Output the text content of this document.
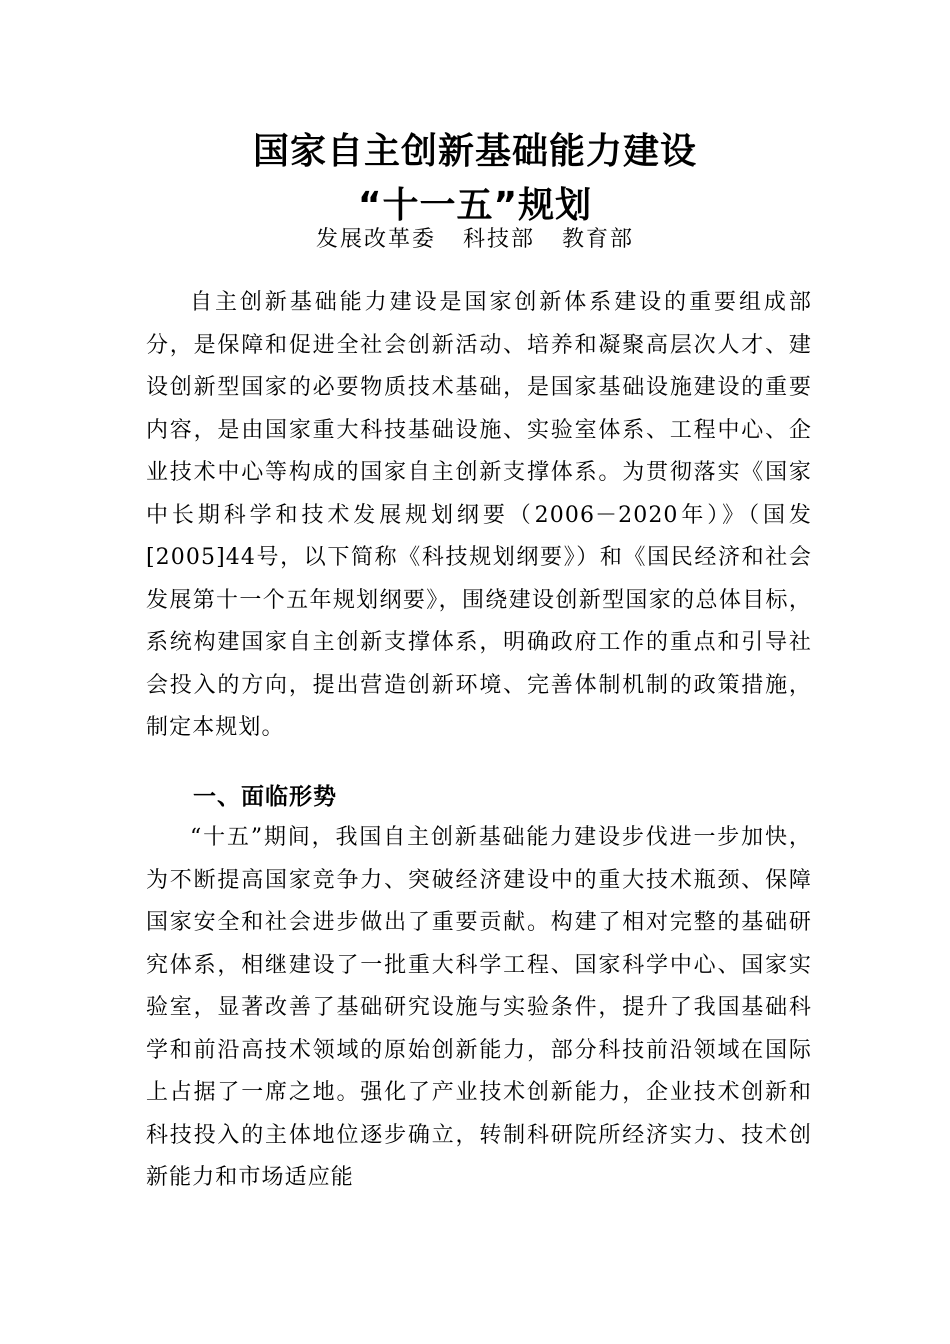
国家自主创新基础能力建设
“十一五”规划
发展改革委   科技部   教育部
自主创新基础能力建设是国家创新体系建设的重要组成部分，是保障和促进全社会创新活动、培养和凝聚高层次人才、建设创新型国家的必要物质技术基础，是国家基础设施建设的重要内容，是由国家重大科技基础设施、实验室体系、工程中心、企业技术中心等构成的国家自主创新支撑体系。为贯彻落实《国家中长期科学和技术发展规划纲要（2006－2020年）》（国发[2005]44号，以下简称《科技规划纲要》）和《国民经济和社会发展第十一个五年规划纲要》，围绕建设创新型国家的总体目标，系统构建国家自主创新支撑体系，明确政府工作的重点和引导社会投入的方向，提出营造创新环境、完善体制机制的政策措施，制定本规划。
一、面临形势
“十五”期间，我国自主创新基础能力建设步伐进一步加快，为不断提高国家竞争力、突破经济建设中的重大技术瓶颈、保障国家安全和社会进步做出了重要贡献。构建了相对完整的基础研究体系，相继建设了一批重大科学工程、国家科学中心、国家实验室，显著改善了基础研究设施与实验条件，提升了我国基础科学和前沿高技术领域的原始创新能力，部分科技前沿领域在国际上占据了一席之地。强化了产业技术创新能力，企业技术创新和科技投入的主体地位逐步确立，转制科研院所经济实力、技术创新能力和市场适应能
